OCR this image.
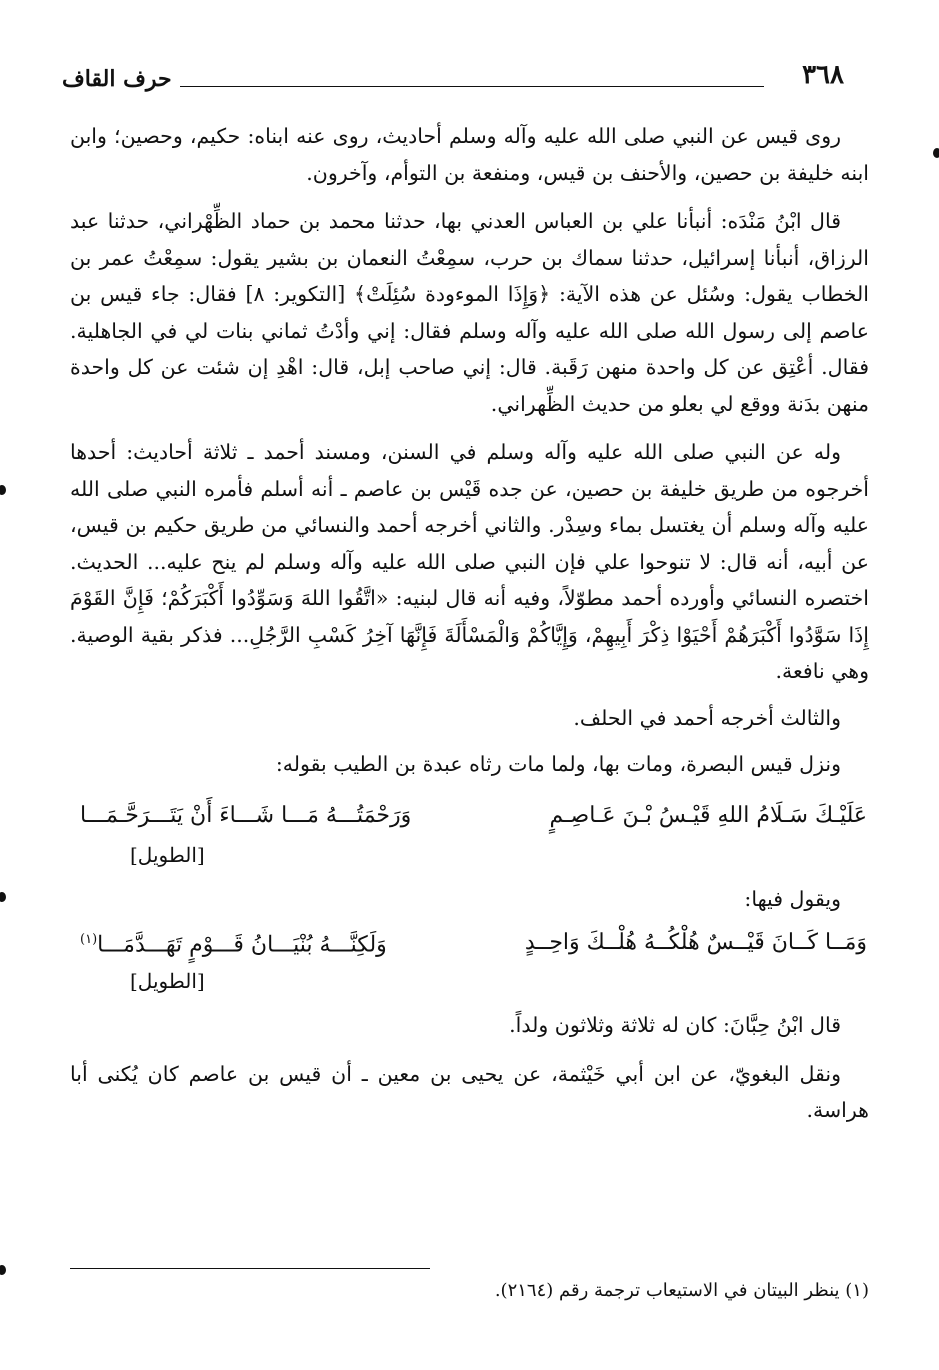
٣٦٨
حرف القاف

روى قيس عن النبي صلى الله عليه وآله وسلم أحاديث، روى عنه ابناه: حكيم، وحصين؛ وابن ابنه خليفة بن حصين، والأحنف بن قيس، ومنفعة بن التوأم، وآخرون.

قال ابْنُ مَنْدَه: أنبأنا علي بن العباس العدني بها، حدثنا محمد بن حماد الظِّهْراني، حدثنا عبد الرزاق، أنبأنا إسرائيل، حدثنا سماك بن حرب، سمِعْتُ النعمان بن بشير يقول: سمِعْتُ عمر بن الخطاب يقول: وسُئل عن هذه الآية: ﴿وَإِذَا الموءودة سُئِلَتْ﴾ [التكوير: ٨] فقال: جاء قيس بن عاصم إلى رسول الله صلى الله عليه وآله وسلم فقال: إني وأدْتُ ثماني بنات لي في الجاهلية. فقال. أعْتِق عن كل واحدة منهن رَقَبة. قال: إني صاحب إبل، قال: اهْدِ إن شئت عن كل واحدة منهن بدَنة ووقع لي بعلو من حديث الظِّهراني.

وله عن النبي صلى الله عليه وآله وسلم في السنن، ومسند أحمد ـ ثلاثة أحاديث: أحدها أخرجوه من طريق خليفة بن حصين، عن جده قَيْس بن عاصم ـ أنه أسلم فأمره النبي صلى الله عليه وآله وسلم أن يغتسل بماء وسِدْر. والثاني أخرجه أحمد والنسائي من طريق حكيم بن قيس، عن أبيه، أنه قال: لا تنوحوا علي فإن النبي صلى الله عليه وآله وسلم لم ينح عليه... الحديث. اختصره النسائي وأورده أحمد مطوّلاً، وفيه أنه قال لبنيه: «اتَّقُوا اللهَ وَسَوِّدُوا أَكْبَرَكُمْ؛ فَإِنَّ القَوْمَ إِذَا سَوَّدُوا أَكْبَرَهُمْ أَحْيَوْا ذِكْرَ أَبِيهِمْ، وَإِيَّاكُمْ وَالْمَسْأَلَةَ فَإِنَّهَا آخِرُ كَسْبِ الرَّجُلِ... فذكر بقية الوصية. وهي نافعة.

والثالث أخرجه أحمد في الحلف.

ونزل قيس البصرة، ومات بها، ولما مات رثاه عبدة بن الطيب بقوله:

عَلَيْـكَ سَـلَامُ اللهِ قَيْـسُ بْـنَ عَـاصِـمٍ
وَرَحْمَتُـــهُ مَـــا شَـــاءَ أَنْ يَتَـــرَحَّـمَـــا
[الطويل]

ويقول فيها:

وَمَــا كَــانَ قَيْــسٌ هُلْكُــهُ هُلْــكَ وَاحِــدٍ
وَلَكِنَّـــهُ بُنْيَـــانُ قَـــوْمٍ تَهَـــدَّمَـــا$^{(١)}$
[الطويل]

قال ابْنُ حِبَّانَ: كان له ثلاثة وثلاثون ولداً.

ونقل البغويّ، عن ابن أبي خَيْثمة، عن يحيى بن معين ـ أن قيس بن عاصم كان يُكنى أبا هراسة.

(١) ينظر البيتان في الاستيعاب ترجمة رقم (٢١٦٤).
